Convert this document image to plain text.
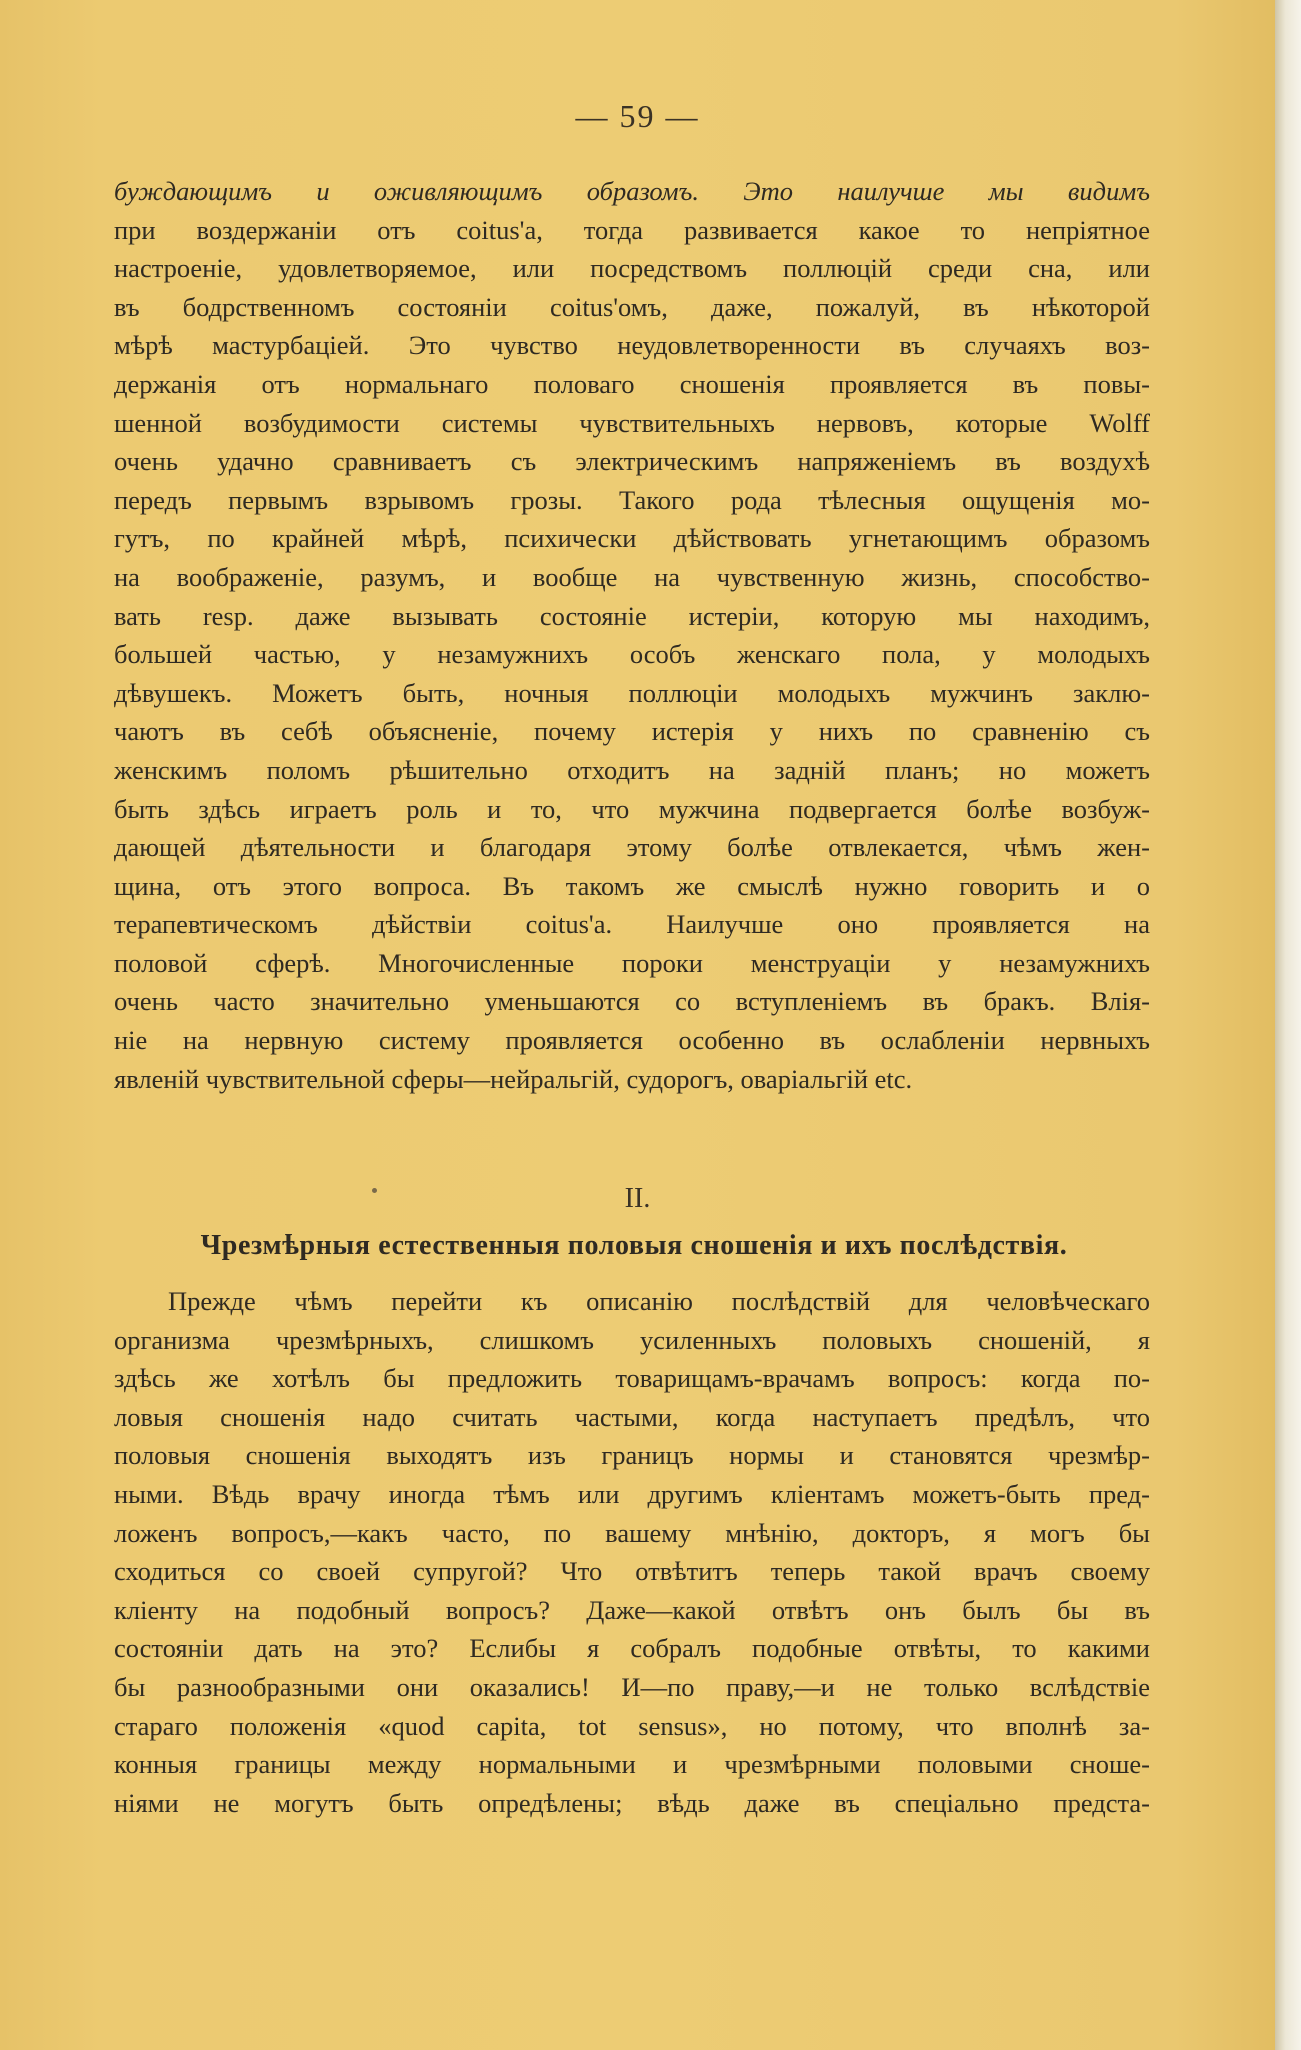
— 59 —
буждающимъ и оживляющимъ образомъ. Это наилучше мы видимъ
при воздержаніи отъ coitus'a, тогда развивается какое то непріятное
настроеніе, удовлетворяемое, или посредствомъ поллюцій среди сна, или
въ бодрственномъ состояніи coitus'омъ, даже, пожалуй, въ нѣкоторой
мѣрѣ мастурбаціей. Это чувство неудовлетворенности въ случаяхъ воз-
держанія отъ нормальнаго половаго сношенія проявляется въ повы-
шенной возбудимости системы чувствительныхъ нервовъ, которые Wolff
очень удачно сравниваетъ съ электрическимъ напряженіемъ въ воздухѣ
передъ первымъ взрывомъ грозы. Такого рода тѣлесныя ощущенія мо-
гутъ, по крайней мѣрѣ, психически дѣйствовать угнетающимъ образомъ
на воображеніе, разумъ, и вообще на чувственную жизнь, способство-
вать resp. даже вызывать состояніе истеріи, которую мы находимъ,
большей частью, у незамужнихъ особъ женскаго пола, у молодыхъ
дѣвушекъ. Можетъ быть, ночныя поллюціи молодыхъ мужчинъ заклю-
чаютъ въ себѣ объясненіе, почему истерія у нихъ по сравненію съ
женскимъ поломъ рѣшительно отходитъ на задній планъ; но можетъ
быть здѣсь играетъ роль и то, что мужчина подвергается болѣе возбуж-
дающей дѣятельности и благодаря этому болѣе отвлекается, чѣмъ жен-
щина, отъ этого вопроса. Въ такомъ же смыслѣ нужно говорить и о
терапевтическомъ дѣйствіи coitus'a. Наилучше оно проявляется на
половой сферѣ. Многочисленные пороки менструаціи у незамужнихъ
очень часто значительно уменьшаются со вступленіемъ въ бракъ. Влія-
ніе на нервную систему проявляется особенно въ ослабленіи нервныхъ
явленій чувствительной сферы—нейральгій, судорогъ, оваріальгій etc.
II.
Чрезмѣрныя естественныя половыя сношенія и ихъ послѣдствія.
Прежде чѣмъ перейти къ описанію послѣдствій для человѣческаго
организма чрезмѣрныхъ, слишкомъ усиленныхъ половыхъ сношеній, я
здѣсь же хотѣлъ бы предложить товарищамъ-врачамъ вопросъ: когда по-
ловыя сношенія надо считать частыми, когда наступаетъ предѣлъ, что
половыя сношенія выходятъ изъ границъ нормы и становятся чрезмѣр-
ными. Вѣдь врачу иногда тѣмъ или другимъ кліентамъ можетъ-быть пред-
ложенъ вопросъ,—какъ часто, по вашему мнѣнію, докторъ, я могъ бы
сходиться со своей супругой? Что отвѣтитъ теперь такой врачъ своему
кліенту на подобный вопросъ? Даже—какой отвѣтъ онъ былъ бы въ
состояніи дать на это? Еслибы я собралъ подобные отвѣты, то какими
бы разнообразными они оказались! И—по праву,—и не только вслѣдствіе
стараго положенія «quod capita, tot sensus», но потому, что вполнѣ за-
конныя границы между нормальными и чрезмѣрными половыми сноше-
ніями не могутъ быть опредѣлены; вѣдь даже въ спеціально предста-
